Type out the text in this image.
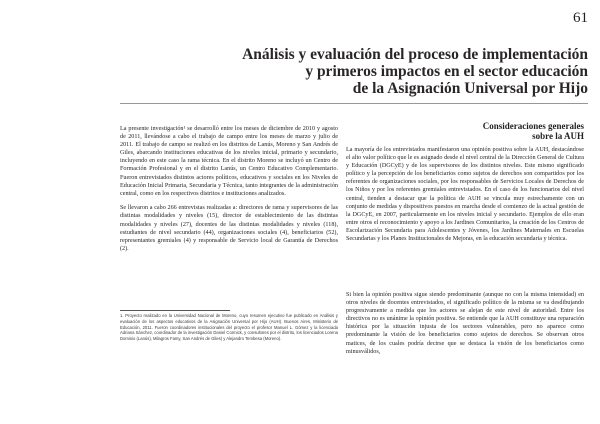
61
Análisis y evaluación del proceso de implementación
y primeros impactos en el sector educación
de la Asignación Universal por Hijo

La presente investigación¹ se desarrolló entre los meses de diciembre de 2010 y agosto de 2011, llevándose a cabo el trabajo de campo entre los meses de marzo y julio de 2011. El trabajo de campo se realizó en los distritos de Lanús, Moreno y San Andrés de Giles, abarcando instituciones educativas de los niveles inicial, primario y secundario, incluyendo en este caso la rama técnica. En el distrito Moreno se incluyó un Centro de Formación Profesional y en el distrito Lanús, un Centro Educativo Complementario. Fueron entrevistados distintos actores políticos, educativos y sociales en los Niveles de Educación Inicial Primaria, Secundaria y Técnica, tanto integrantes de la administración central, como en los respectivos distritos e instituciones analizados.

Se llevaron a cabo 266 entrevistas realizadas a: directores de rama y supervisores de las distintas modalidades y niveles (15), director de establecimiento de las distintas modalidades y niveles (27), docentes de las distintas modalidades y niveles (118), estudiantes de nivel secundario (44), organizaciones sociales (4), beneficiarios (52), representantes gremiales (4) y responsable de Servicio local de Garantía de Derechos (2).

Consideraciones generales
sobre la AUH

La mayoría de los entrevistados manifestaron una opinión positiva sobre la AUH, destacándose el alto valor político que le es asignado desde el nivel central de la Dirección General de Cultura y Educación (DGCyE) y de los supervisores de los distintos niveles. Este mismo significado político y la percepción de los beneficiarios como sujetos de derechos son compartidos por los referentes de organizaciones sociales, por los responsables de Servicios Locales de Derechos de los Niños y por los referentes gremiales entrevistados. En el caso de los funcionarios del nivel central, tienden a destacar que la política de AUH se vincula muy estrechamente con un conjunto de medidas y dispositivos puestos en marcha desde el comienzo de la actual gestión de la DGCyE, en 2007, particularmente en los niveles inicial y secundario. Ejemplos de ello eran entre otros el reconocimiento y apoyo a los Jardines Comunitarios, la creación de los Centros de Escolarización Secundaria para Adolescentes y Jóvenes, los Jardines Maternales en Escuelas Secundarias y los Planes Institucionales de Mejoras, en la educación secundaria y técnica.

Si bien la opinión positiva sigue siendo predominante (aunque no con la misma intensidad) en otros niveles de docentes entrevistados, el significado político de la misma se va desdibujando progresivamente a medida que los actores se alejan de este nivel de autoridad. Entre los directivos no es unánime la opinión positiva. Se entiende que la AUH constituye una reparación histórica por la situación injusta de los sectores vulnerables, pero no aparece como predominante la visión de los beneficiarios como sujetos de derechos. Se observan otros matices, de los cuales podría decirse que se destaca la visión de los beneficiarios como minusválidos,

1. Proyecto realizado en la Universidad Nacional de Moreno, cuyo resumen ejecutivo fue publicado en Análisis y evaluación de los aspectos educativos de la Asignación Universal por Hijo (AUH). Buenos Aires, Ministerio de Educación, 2011. Fueron coordinadores institucionales del proyecto el profesor Manuel L. Gómez y la licenciada Adriana Sánchez, coordinador de la investigación Daniel Cormick, y consultores por el distrito, los licenciados Lorena Dominio (Lanús), Milagros Famy, San Andrés de Giles) y Alejandro Tembesa (Moreno).
